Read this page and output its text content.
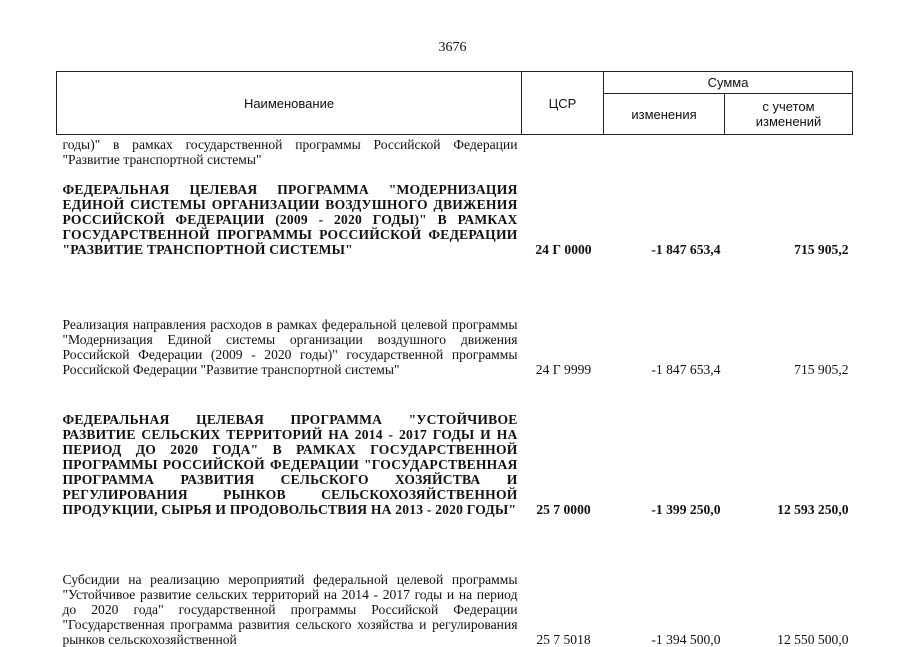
3676
Наименование	ЦСР	Сумма	
		изменения	с учетом изменений
годы)" в рамках государственной программы Российской Федерации "Развитие транспортной системы"			
ФЕДЕРАЛЬНАЯ ЦЕЛЕВАЯ ПРОГРАММА "МОДЕРНИЗАЦИЯ ЕДИНОЙ СИСТЕМЫ ОРГАНИЗАЦИИ ВОЗДУШНОГО ДВИЖЕНИЯ РОССИЙСКОЙ ФЕДЕРАЦИИ (2009 - 2020 ГОДЫ)" В РАМКАХ ГОСУДАРСТВЕННОЙ ПРОГРАММЫ РОССИЙСКОЙ ФЕДЕРАЦИИ "РАЗВИТИЕ ТРАНСПОРТНОЙ СИСТЕМЫ"	24 Г 0000	-1 847 653,4	715 905,2
Реализация направления расходов в рамках федеральной целевой программы "Модернизация Единой системы организации воздушного движения Российской Федерации (2009 - 2020 годы)" государственной программы Российской Федерации "Развитие транспортной системы"	24 Г 9999	-1 847 653,4	715 905,2
ФЕДЕРАЛЬНАЯ ЦЕЛЕВАЯ ПРОГРАММА "УСТОЙЧИВОЕ РАЗВИТИЕ СЕЛЬСКИХ ТЕРРИТОРИЙ НА 2014 - 2017 ГОДЫ И НА ПЕРИОД ДО 2020 ГОДА" В РАМКАХ ГОСУДАРСТВЕННОЙ ПРОГРАММЫ РОССИЙСКОЙ ФЕДЕРАЦИИ "ГОСУДАРСТВЕННАЯ ПРОГРАММА РАЗВИТИЯ СЕЛЬСКОГО ХОЗЯЙСТВА И РЕГУЛИРОВАНИЯ РЫНКОВ СЕЛЬСКОХОЗЯЙСТВЕННОЙ ПРОДУКЦИИ, СЫРЬЯ И ПРОДОВОЛЬСТВИЯ НА 2013 - 2020 ГОДЫ"	25 7 0000	-1 399 250,0	12 593 250,0
Субсидии на реализацию мероприятий федеральной целевой программы "Устойчивое развитие сельских территорий на 2014 - 2017 годы и на период до 2020 года" государственной программы Российской Федерации "Государственная программа развития сельского хозяйства и регулирования рынков сельскохозяйственной	25 7 5018	-1 394 500,0	12 550 500,0
